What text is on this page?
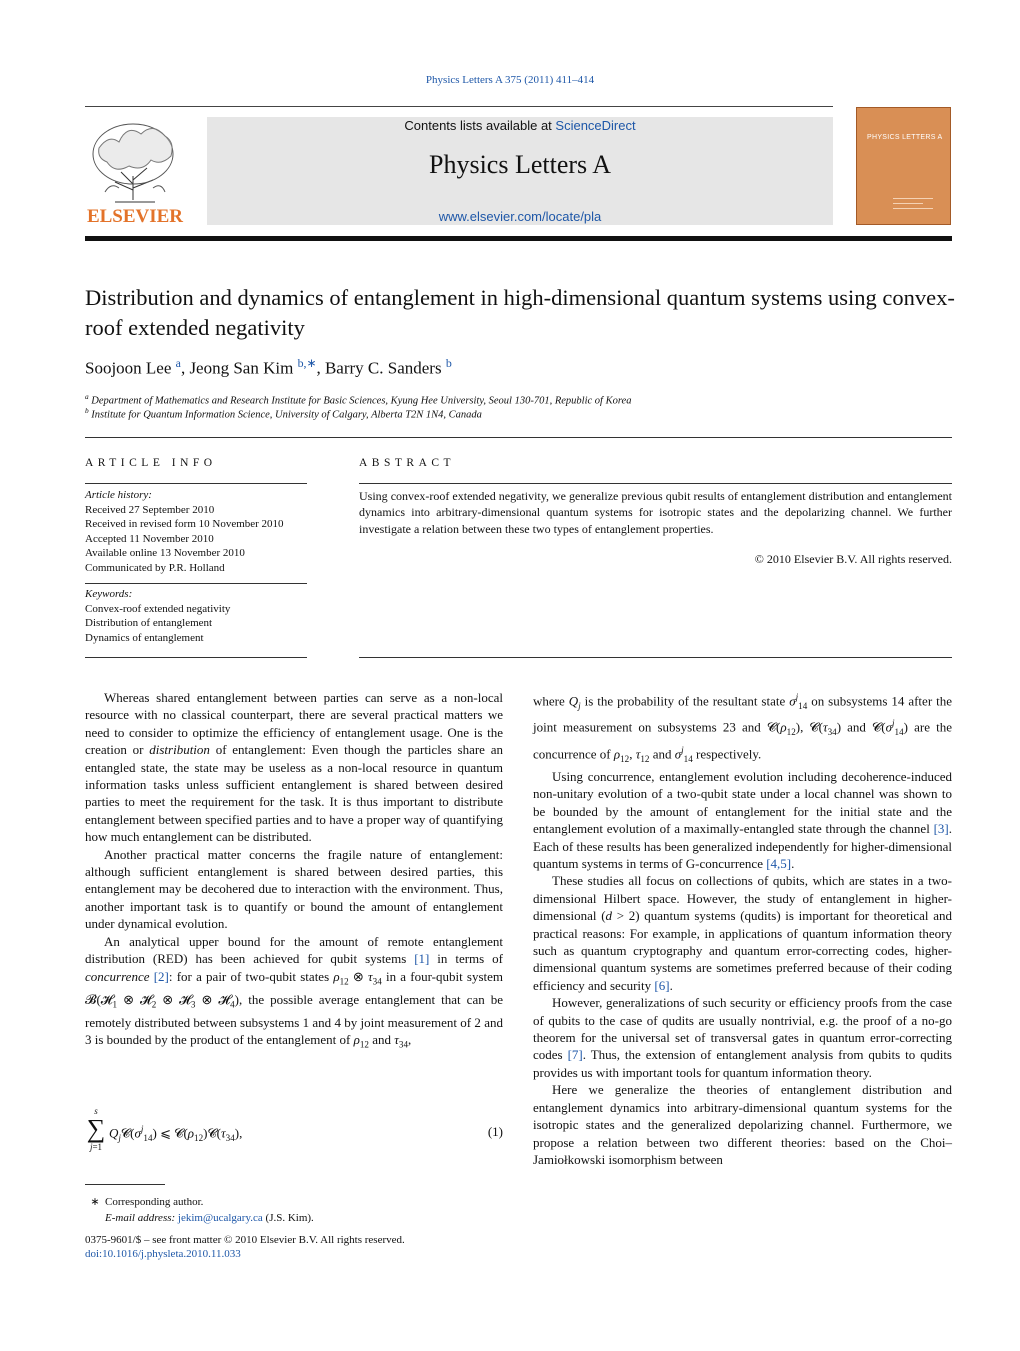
Physics Letters A 375 (2011) 411–414
ELSEVIER
Contents lists available at ScienceDirect
Physics Letters A
www.elsevier.com/locate/pla
PHYSICS LETTERS A
Distribution and dynamics of entanglement in high-dimensional quantum systems using convex-roof extended negativity
Soojoon Lee $^a$, Jeong San Kim $^{b,∗}$, Barry C. Sanders $^b$
$^a$ Department of Mathematics and Research Institute for Basic Sciences, Kyung Hee University, Seoul 130-701, Republic of Korea
$^b$ Institute for Quantum Information Science, University of Calgary, Alberta T2N 1N4, Canada
ARTICLE INFO
Article history:
Received 27 September 2010
Received in revised form 10 November 2010
Accepted 11 November 2010
Available online 13 November 2010
Communicated by P.R. Holland
Keywords:
Convex-roof extended negativity
Distribution of entanglement
Dynamics of entanglement
ABSTRACT
Using convex-roof extended negativity, we generalize previous qubit results of entanglement distribution and entanglement dynamics into arbitrary-dimensional quantum systems for isotropic states and the depolarizing channel. We further investigate a relation between these two types of entanglement properties.
© 2010 Elsevier B.V. All rights reserved.

Whereas shared entanglement between parties can serve as a non-local resource with no classical counterpart, there are several practical matters we need to consider to optimize the efficiency of entanglement usage. One is the creation or distribution of entanglement: Even though the particles share an entangled state, the state may be useless as a non-local resource in quantum information tasks unless sufficient entanglement is shared between desired parties to meet the requirement for the task. It is thus important to distribute entanglement between specified parties and to have a proper way of quantifying how much entanglement can be distributed.

Another practical matter concerns the fragile nature of entanglement: although sufficient entanglement is shared between desired parties, this entanglement may be decohered due to interaction with the environment. Thus, another important task is to quantify or bound the amount of entanglement under dynamical evolution.

An analytical upper bound for the amount of remote entanglement distribution (RED) has been achieved for qubit systems [1] in terms of concurrence [2]: for a pair of two-qubit states $\rho_{12}$ ⊗ $\tau_{34}$ in a four-qubit system 𝓑(𝓗$_1$ ⊗ 𝓗$_2$ ⊗ 𝓗$_3$ ⊗ 𝓗$_4$), the possible average entanglement that can be remotely distributed between subsystems 1 and 4 by joint measurement of 2 and 3 is bounded by the product of the entanglement of $\rho_{12}$ and $\tau_{34}$,

s
∑
j=1
$Q_j𝓒(\sigma^j_{14})$ ⩽ $𝓒(\rho_{12})𝓒(\tau_{34})$,	(1)

where $Q_j$ is the probability of the resultant state $\sigma^j_{14}$ on subsystems 14 after the joint measurement on subsystems 23 and $𝓒(\rho_{12})$, $𝓒(\tau_{34})$ and $𝓒(\sigma^j_{14})$ are the concurrence of $\rho_{12}$, $\tau_{12}$ and $\sigma^j_{14}$ respectively.

Using concurrence, entanglement evolution including decoherence-induced non-unitary evolution of a two-qubit state under a local channel was shown to be bounded by the amount of entanglement for the initial state and the entanglement evolution of a maximally-entangled state through the channel [3]. Each of these results has been generalized independently for higher-dimensional quantum systems in terms of G-concurrence [4,5].

These studies all focus on collections of qubits, which are states in a two-dimensional Hilbert space. However, the study of entanglement in higher-dimensional (d > 2) quantum systems (qudits) is important for theoretical and practical reasons: For example, in applications of quantum information theory such as quantum cryptography and quantum error-correcting codes, higher-dimensional quantum systems are sometimes preferred because of their coding efficiency and security [6].

However, generalizations of such security or efficiency proofs from the case of qubits to the case of qudits are usually nontrivial, e.g. the proof of a no-go theorem for the universal set of transversal gates in quantum error-correcting codes [7]. Thus, the extension of entanglement analysis from qubits to qudits provides us with important tools for quantum information theory.

Here we generalize the theories of entanglement distribution and entanglement dynamics into arbitrary-dimensional quantum systems for the isotropic states and the generalized depolarizing channel. Furthermore, we propose a relation between two different theories: based on the Choi–Jamiołkowski isomorphism between

∗ Corresponding author.
E-mail address: jekim@ucalgary.ca (J.S. Kim).
0375-9601/$ – see front matter © 2010 Elsevier B.V. All rights reserved.
doi:10.1016/j.physleta.2010.11.033
